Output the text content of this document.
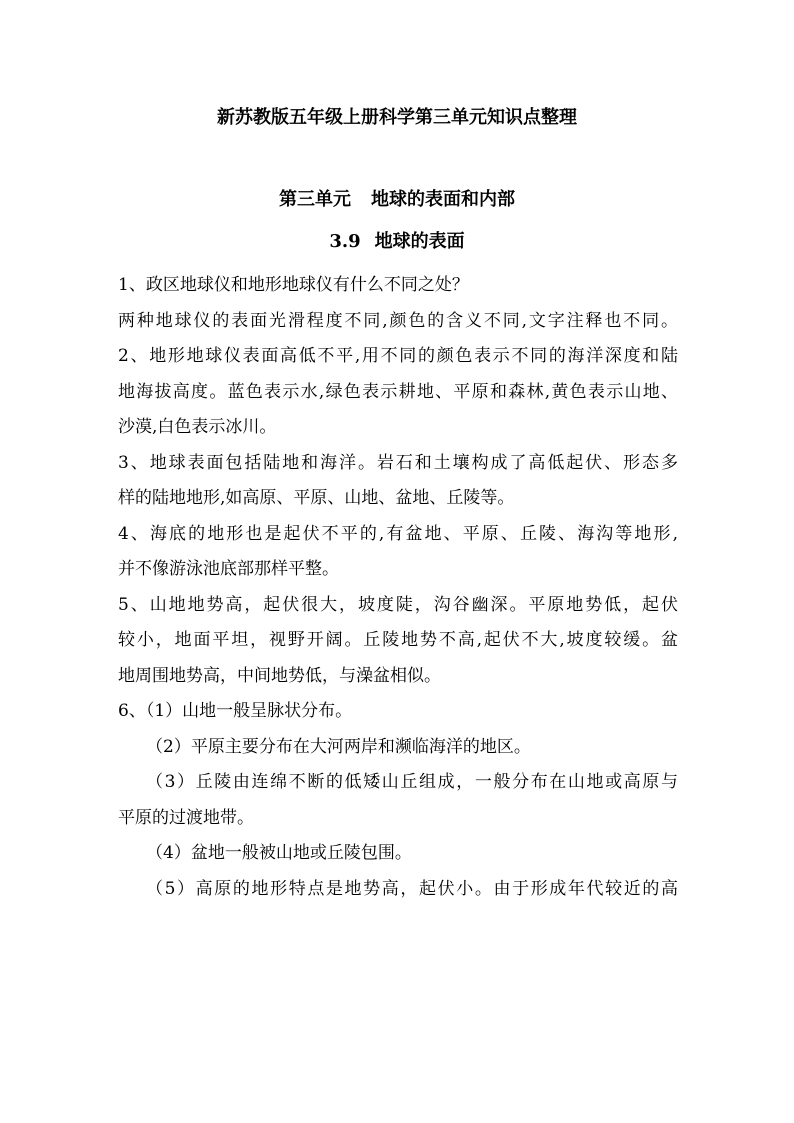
新苏教版五年级上册科学第三单元知识点整理
第三单元 地球的表面和内部
3.9 地球的表面
1、政区地球仪和地形地球仪有什么不同之处？
两种地球仪的表面光滑程度不同,颜色的含义不同,文字注释也不同。
2、地形地球仪表面高低不平,用不同的颜色表示不同的海洋深度和陆
地海拔高度。蓝色表示水,绿色表示耕地、平原和森林,黄色表示山地、
沙漠,白色表示冰川。
3、地球表面包括陆地和海洋。岩石和土壤构成了高低起伏、形态多
样的陆地地形,如高原、平原、山地、盆地、丘陵等。
4、海底的地形也是起伏不平的,有盆地、平原、丘陵、海沟等地形,
并不像游泳池底部那样平整。
5、山地地势高，起伏很大，坡度陡，沟谷幽深。平原地势低，起伏
较小，地面平坦，视野开阔。丘陵地势不高,起伏不大,坡度较缓。盆
地周围地势高，中间地势低，与澡盆相似。
6、（1）山地一般呈脉状分布。
（2）平原主要分布在大河两岸和濒临海洋的地区。
（3）丘陵由连绵不断的低矮山丘组成，一般分布在山地或高原与
平原的过渡地带。
（4）盆地一般被山地或丘陵包围。
（5）高原的地形特点是地势高，起伏小。由于形成年代较近的高
